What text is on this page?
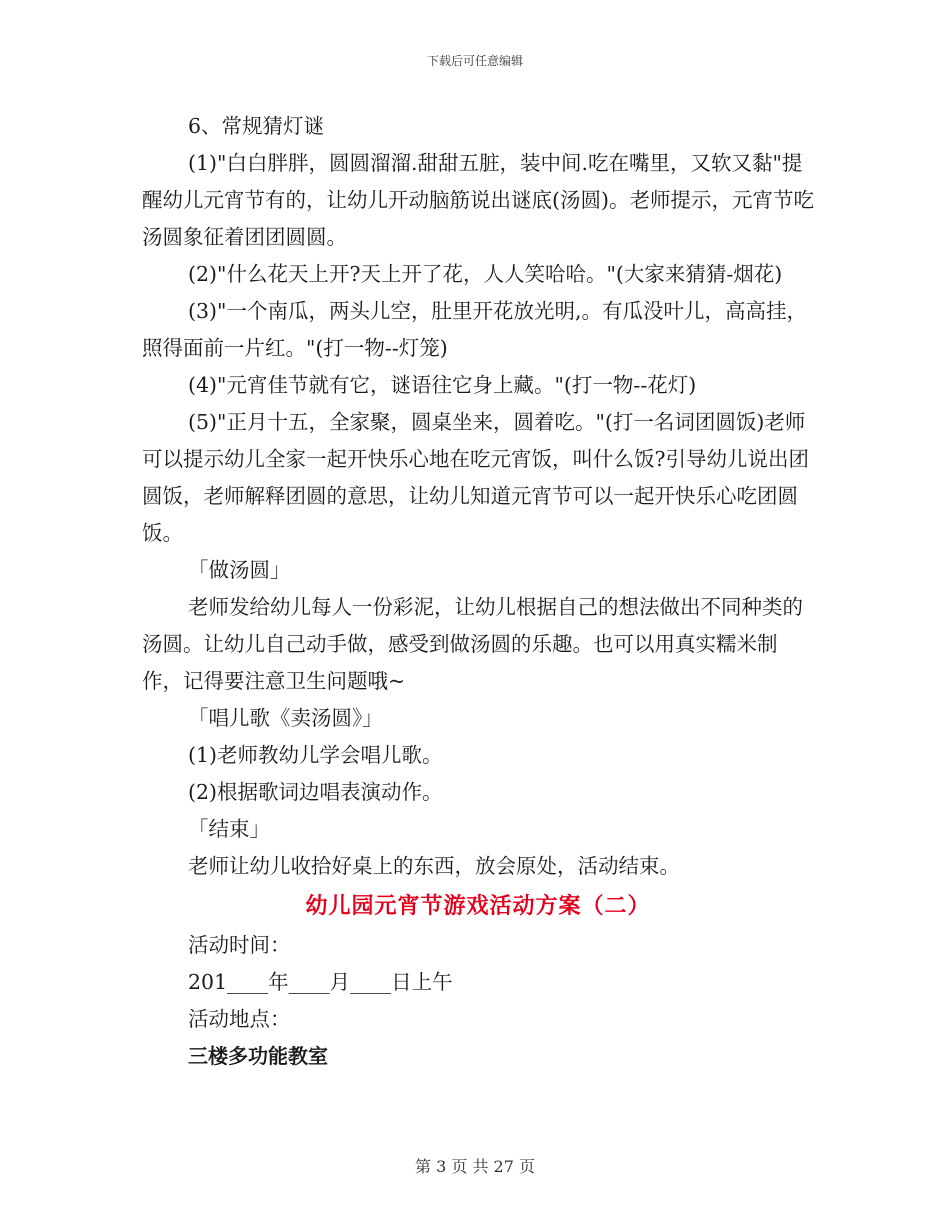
下载后可任意编辑

6、常规猜灯谜

(1)"白白胖胖，圆圆溜溜.甜甜五脏，装中间.吃在嘴里，又软又黏"提醒幼儿元宵节有的，让幼儿开动脑筋说出谜底(汤圆)。老师提示，元宵节吃汤圆象征着团团圆圆。

(2)"什么花天上开?天上开了花，人人笑哈哈。"(大家来猜猜-烟花)

(3)"一个南瓜，两头儿空，肚里开花放光明,。有瓜没叶儿，高高挂，照得面前一片红。"(打一物--灯笼)

(4)"元宵佳节就有它，谜语往它身上藏。"(打一物--花灯)

(5)"正月十五，全家聚，圆桌坐来，圆着吃。"(打一名词团圆饭)老师可以提示幼儿全家一起开快乐心地在吃元宵饭，叫什么饭?引导幼儿说出团圆饭，老师解释团圆的意思，让幼儿知道元宵节可以一起开快乐心吃团圆饭。

「做汤圆」

老师发给幼儿每人一份彩泥，让幼儿根据自己的想法做出不同种类的汤圆。让幼儿自己动手做，感受到做汤圆的乐趣。也可以用真实糯米制作，记得要注意卫生问题哦~

「唱儿歌《卖汤圆》」

(1)老师教幼儿学会唱儿歌。

(2)根据歌词边唱表演动作。

「结束」

老师让幼儿收拾好桌上的东西，放会原处，活动结束。

幼儿园元宵节游戏活动方案（二）

活动时间：

201____年____月____日上午

活动地点：

三楼多功能教室

第 3 页 共 27 页
